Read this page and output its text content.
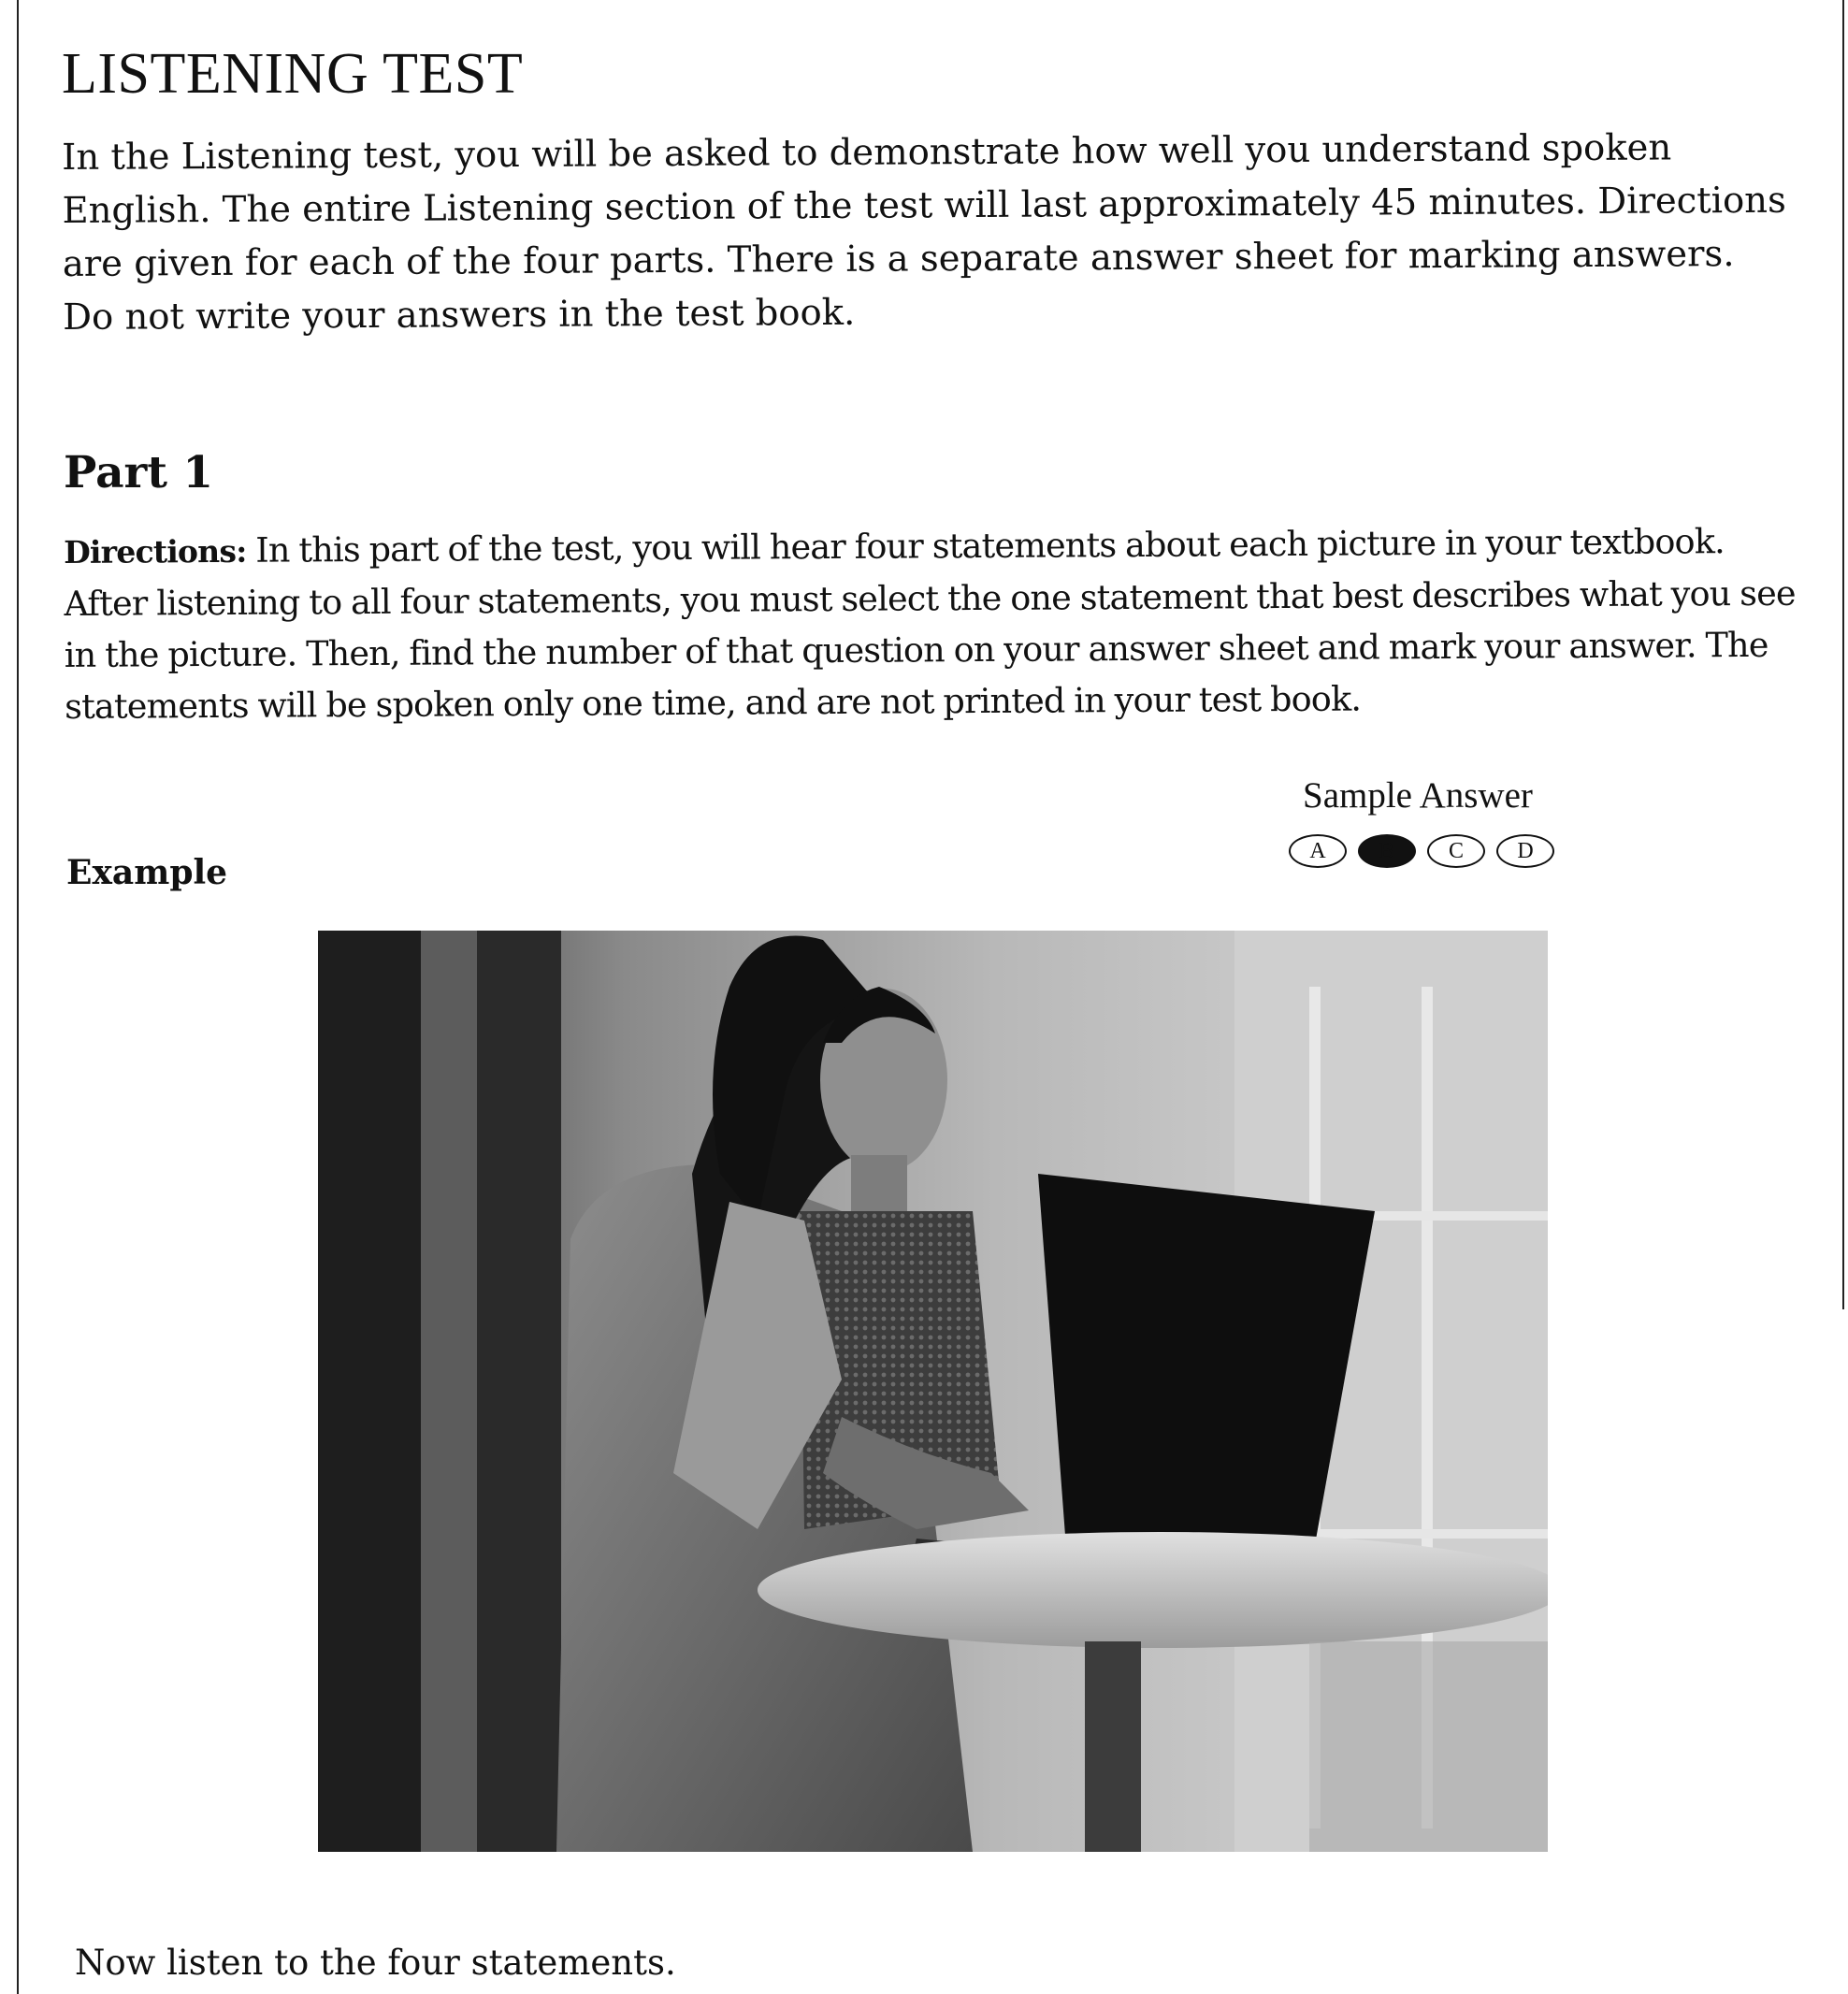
LISTENING TEST

In the Listening test, you will be asked to demonstrate how well you understand spoken English. The entire Listening section of the test will last approximately 45 minutes. Directions are given for each of the four parts. There is a separate answer sheet for marking answers. Do not write your answers in the test book.

Part 1

Directions: In this part of the test, you will hear four statements about each picture in your textbook. After listening to all four statements, you must select the one statement that best describes what you see in the picture. Then, find the number of that question on your answer sheet and mark your answer. The statements will be spoken only one time, and are not printed in your test book.

Sample Answer
A	B	C	D
Example

Now listen to the four statements.
